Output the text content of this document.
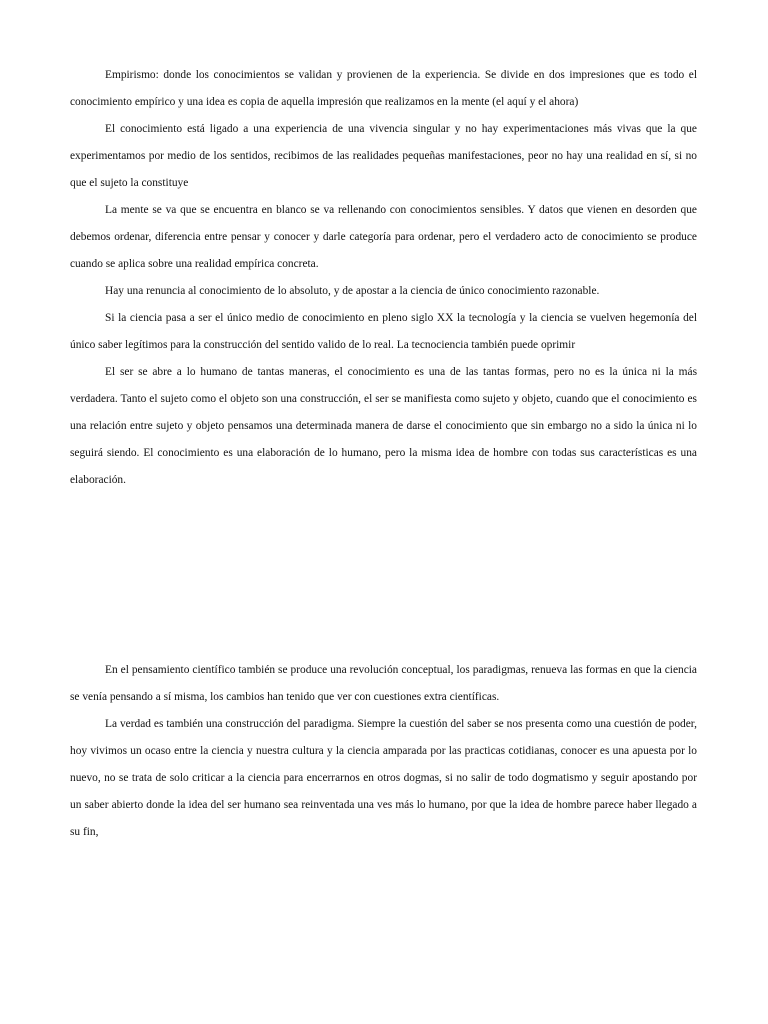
Empirismo: donde los conocimientos se validan y provienen de la experiencia. Se divide en dos impresiones que es todo el conocimiento empírico y una idea es copia de aquella impresión que realizamos en la mente (el aquí y el ahora)

El conocimiento está ligado a una experiencia de una vivencia singular y no hay experimentaciones más vivas que la que experimentamos por medio de los sentidos, recibimos de las realidades pequeñas manifestaciones, peor no hay una realidad en sí, si no que el sujeto la constituye

La mente se va que se encuentra en blanco se va rellenando con conocimientos sensibles. Y datos que vienen en desorden que debemos ordenar, diferencia entre pensar y conocer y darle categoría para ordenar, pero el verdadero acto de conocimiento se produce cuando se aplica sobre una realidad empírica concreta.

Hay una renuncia al conocimiento de lo absoluto, y de apostar a la ciencia de único conocimiento razonable.

Si la ciencia pasa a ser el único medio de conocimiento en pleno siglo XX la tecnología y la ciencia se vuelven hegemonía del único saber legítimos para la construcción del sentido valido de lo real. La tecnociencia también puede oprimir

El ser se abre a lo humano de tantas maneras, el conocimiento es una de las tantas formas, pero no es la única ni la más verdadera. Tanto el sujeto como el objeto son una construcción, el ser se manifiesta como sujeto y objeto, cuando que el conocimiento es una relación entre sujeto y objeto pensamos una determinada manera de darse el conocimiento que sin embargo no a sido la única ni lo seguirá siendo. El conocimiento es una elaboración de lo humano, pero la misma idea de hombre con todas sus características es una elaboración.

En el pensamiento científico también se produce una revolución conceptual, los paradigmas, renueva las formas en que la ciencia se venía pensando a sí misma, los cambios han tenido que ver con cuestiones extra científicas.

La verdad es también una construcción del paradigma. Siempre la cuestión del saber se nos presenta como una cuestión de poder, hoy vivimos un ocaso entre la ciencia y nuestra cultura y la ciencia amparada por las practicas cotidianas, conocer es una apuesta por lo nuevo, no se trata de solo criticar a la ciencia para encerrarnos en otros dogmas, si no salir de todo dogmatismo y seguir apostando por un saber abierto donde la idea del ser humano sea reinventada una ves más lo humano, por que la idea de hombre parece haber llegado a su fin,
